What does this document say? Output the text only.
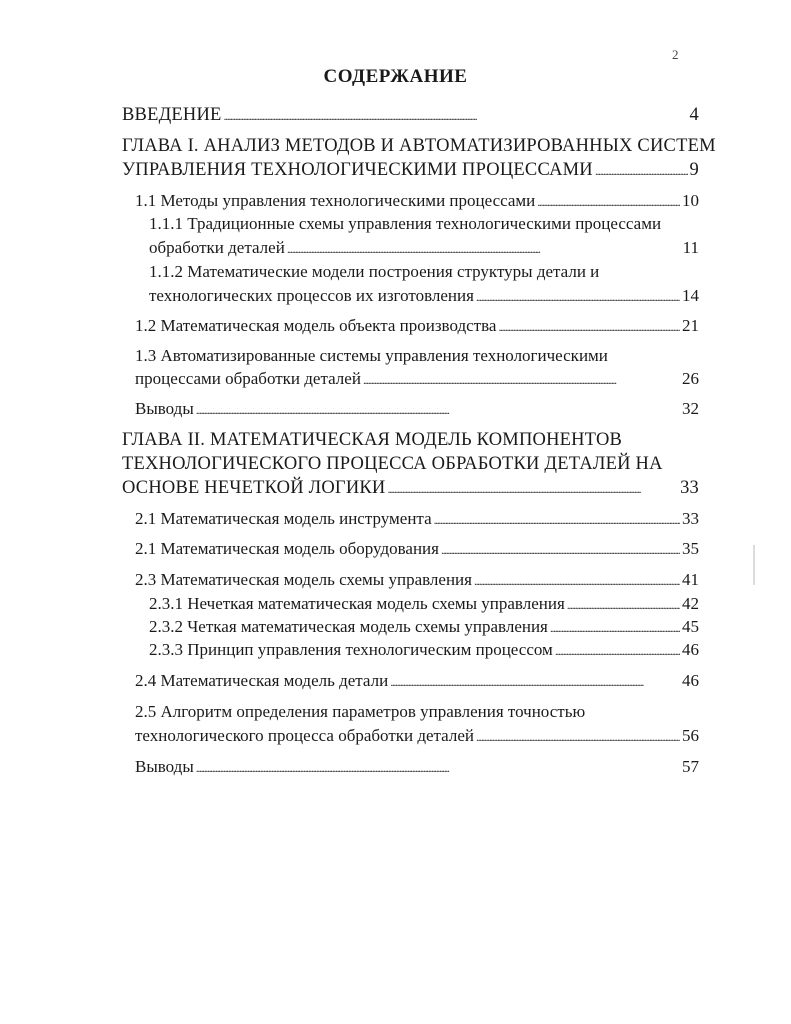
2
СОДЕРЖАНИЕ
ВВЕДЕНИЕ . . .	4
ГЛАВА I. АНАЛИЗ МЕТОДОВ И АВТОМАТИЗИРОВАННЫХ СИСТЕМ
УПРАВЛЕНИЯ ТЕХНОЛОГИЧЕСКИМИ ПРОЦЕССАМИ . . .	9
1.1 Методы управления технологическими процессами . . .	10
1.1.1 Традиционные схемы управления технологическими процессами
обработки деталей . . .	11
1.1.2 Математические модели построения структуры детали и
технологических процессов их изготовления . . .	14
1.2 Математическая модель объекта производства . . .	21
1.3 Автоматизированные системы управления технологическими
процессами обработки деталей . . .	26
Выводы . . .	32
ГЛАВА II. МАТЕМАТИЧЕСКАЯ МОДЕЛЬ КОМПОНЕНТОВ
ТЕХНОЛОГИЧЕСКОГО ПРОЦЕССА ОБРАБОТКИ ДЕТАЛЕЙ НА
ОСНОВЕ НЕЧЕТКОЙ ЛОГИКИ . . .	33
2.1 Математическая модель инструмента . . .	33
2.1 Математическая модель оборудования . . .	35
2.3 Математическая модель схемы управления . . .	41
2.3.1 Нечеткая математическая модель схемы управления . . .	42
2.3.2 Четкая математическая модель схемы управления . . .	45
2.3.3 Принцип управления технологическим процессом . . .	46
2.4 Математическая модель детали . . .	46
2.5 Алгоритм определения параметров управления точностью
технологического процесса обработки деталей . . .	56
Выводы . . .	57
